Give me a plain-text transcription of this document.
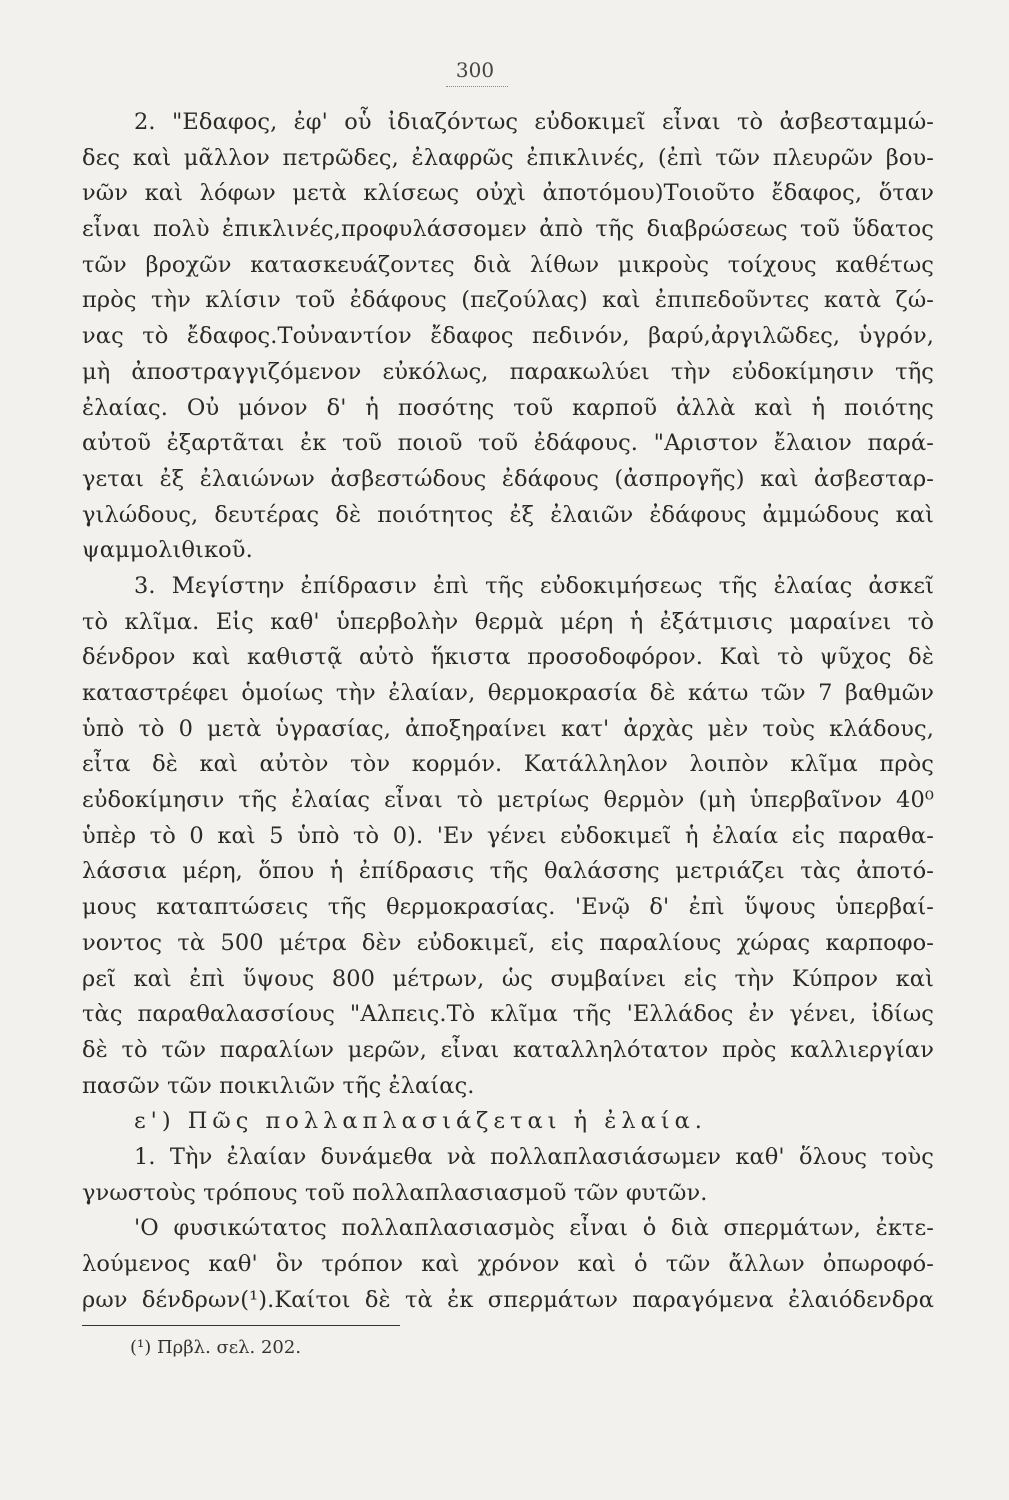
300
2. "Εδαφος, ἐφ' οὗ ἰδιαζόντως εὐδοκιμεῖ εἶναι τὸ ἀσβεσταμμώ-
δες καὶ μᾶλλον πετρῶδες, ἐλαφρῶς ἐπικλινές, (ἐπὶ τῶν πλευρῶν βου-
νῶν καὶ λόφων μετὰ κλίσεως οὐχὶ ἀποτόμου)Τοιοῦτο ἔδαφος, ὅταν
εἶναι πολὺ ἐπικλινές,προφυλάσσομεν ἀπὸ τῆς διαβρώσεως τοῦ ὕδατος
τῶν βροχῶν κατασκευάζοντες διὰ λίθων μικροὺς τοίχους καθέτως
πρὸς τὴν κλίσιν τοῦ ἐδάφους (πεζούλας) καὶ ἐπιπεδοῦντες κατὰ ζώ-
νας τὸ ἔδαφος.Τοὐναντίον ἔδαφος πεδινόν, βαρύ,ἀργιλῶδες, ὑγρόν,
μὴ ἀποστραγγιζόμενον εὐκόλως, παρακωλύει τὴν εὐδοκίμησιν τῆς
ἐλαίας. Οὐ μόνον δ' ἡ ποσότης τοῦ καρποῦ ἀλλὰ καὶ ἡ ποιότης
αὐτοῦ ἐξαρτᾶται ἐκ τοῦ ποιοῦ τοῦ ἐδάφους. "Αριστον ἔλαιον παρά-
γεται ἐξ ἐλαιώνων ἀσβεστώδους ἐδάφους (ἀσπρογῆς) καὶ ἀσβεσταρ-
γιλώδους, δευτέρας δὲ ποιότητος ἐξ ἐλαιῶν ἐδάφους ἀμμώδους καὶ
ψαμμολιθικοῦ.
3. Μεγίστην ἐπίδρασιν ἐπὶ τῆς εὐδοκιμήσεως τῆς ἐλαίας ἀσκεῖ
τὸ κλῖμα. Εἰς καθ' ὑπερβολὴν θερμὰ μέρη ἡ ἐξάτμισις μαραίνει τὸ
δένδρον καὶ καθιστᾷ αὐτὸ ἥκιστα προσοδοφόρον. Καὶ τὸ ψῦχος δὲ
καταστρέφει ὁμοίως τὴν ἐλαίαν, θερμοκρασία δὲ κάτω τῶν 7 βαθμῶν
ὑπὸ τὸ 0 μετὰ ὑγρασίας, ἀποξηραίνει κατ' ἀρχὰς μὲν τοὺς κλάδους,
εἶτα δὲ καὶ αὐτὸν τὸν κορμόν. Κατάλληλον λοιπὸν κλῖμα πρὸς
εὐδοκίμησιν τῆς ἐλαίας εἶναι τὸ μετρίως θερμὸν (μὴ ὑπερβαῖνον 40⁰
ὑπὲρ τὸ 0 καὶ 5 ὑπὸ τὸ 0). 'Εν γένει εὐδοκιμεῖ ἡ ἐλαία εἰς παραθα-
λάσσια μέρη, ὅπου ἡ ἐπίδρασις τῆς θαλάσσης μετριάζει τὰς ἀποτό-
μους καταπτώσεις τῆς θερμοκρασίας. 'Ενῷ δ' ἐπὶ ὕψους ὑπερβαί-
νοντος τὰ 500 μέτρα δὲν εὐδοκιμεῖ, εἰς παραλίους χώρας καρποφο-
ρεῖ καὶ ἐπὶ ὕψους 800 μέτρων, ὡς συμβαίνει εἰς τὴν Κύπρον καὶ
τὰς παραθαλασσίους "Αλπεις.Τὸ κλῖμα τῆς 'Ελλάδος ἐν γένει, ἰδίως
δὲ τὸ τῶν παραλίων μερῶν, εἶναι καταλληλότατον πρὸς καλλιεργίαν
πασῶν τῶν ποικιλιῶν τῆς ἐλαίας.
ε') Πῶς πολλαπλασιάζεται ἡ ἐλαία.
1. Τὴν ἐλαίαν δυνάμεθα νὰ πολλαπλασιάσωμεν καθ' ὅλους τοὺς
γνωστοὺς τρόπους τοῦ πολλαπλασιασμοῦ τῶν φυτῶν.
'Ο φυσικώτατος πολλαπλασιασμὸς εἶναι ὁ διὰ σπερμάτων, ἐκτε-
λούμενος καθ' ὃν τρόπον καὶ χρόνον καὶ ὁ τῶν ἄλλων ὀπωροφό-
ρων δένδρων(¹).Καίτοι δὲ τὰ ἐκ σπερμάτων παραγόμενα ἐλαιόδενδρα
(¹) Πρβλ. σελ. 202.
